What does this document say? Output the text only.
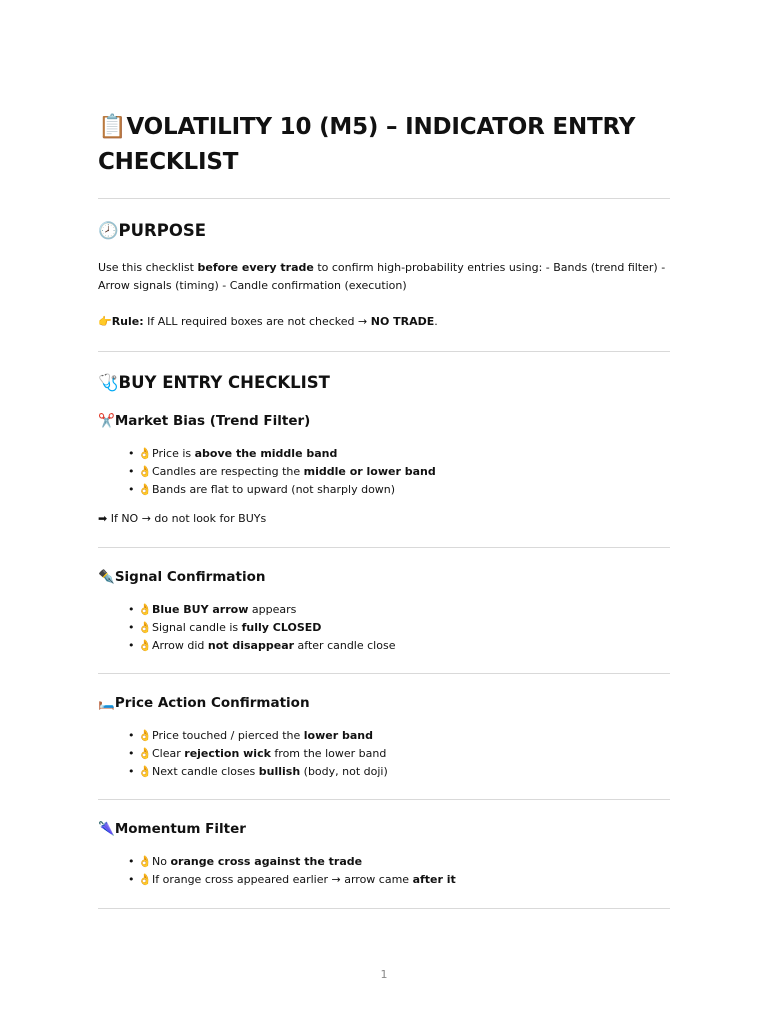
📋VOLATILITY 10 (M5) – INDICATOR ENTRY CHECKLIST
🕗PURPOSE
Use this checklist before every trade to confirm high-probability entries using: - Bands (trend filter) - Arrow signals (timing) - Candle confirmation (execution)
👉Rule: If ALL required boxes are not checked → NO TRADE.
🩺BUY ENTRY CHECKLIST
✂️Market Bias (Trend Filter)
• 👌Price is above the middle band
• 👌Candles are respecting the middle or lower band
• 👌Bands are flat to upward (not sharply down)
➡ If NO → do not look for BUYs
✒️Signal Confirmation
• 👌Blue BUY arrow appears
• 👌Signal candle is fully CLOSED
• 👌Arrow did not disappear after candle close
🛏️Price Action Confirmation
• 👌Price touched / pierced the lower band
• 👌Clear rejection wick from the lower band
• 👌Next candle closes bullish (body, not doji)
🌂Momentum Filter
• 👌No orange cross against the trade
• 👌If orange cross appeared earlier → arrow came after it
1
